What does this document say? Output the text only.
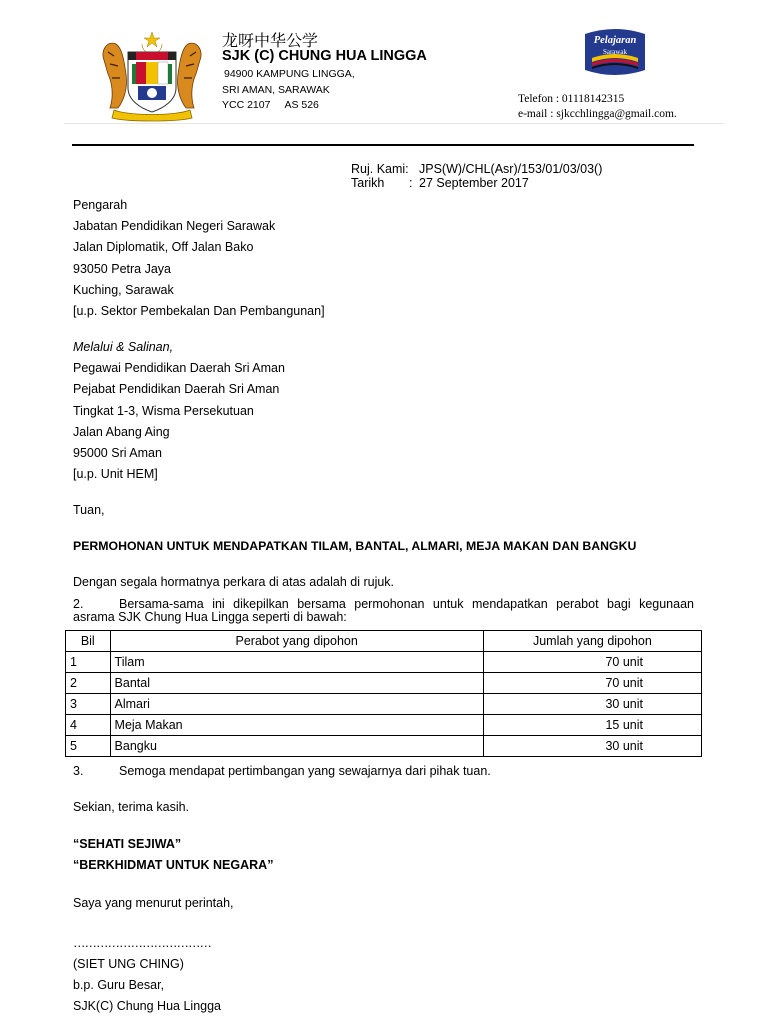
龙呀中华公学
SJK (C) CHUNG HUA LINGGA
94900 KAMPUNG LINGGA,
SRI AMAN, SARAWAK
YCC 2107     AS 526
Pelajaran
Sarawak
Telefon : 01118142315
e-mail : sjkcchlingga@gmail.com.
Ruj. Kami: JPS(W)/CHL(Asr)/153/01/03/03()
Tarikh : 27 September 2017
Pengarah
Jabatan Pendidikan Negeri Sarawak
Jalan Diplomatik, Off Jalan Bako
93050 Petra Jaya
Kuching, Sarawak
[u.p. Sektor Pembekalan Dan Pembangunan]
Melalui & Salinan,
Pegawai Pendidikan Daerah Sri Aman
Pejabat Pendidikan Daerah Sri Aman
Tingkat 1-3, Wisma Persekutuan
Jalan Abang Aing
95000 Sri Aman
[u.p. Unit HEM]
Tuan,
PERMOHONAN UNTUK MENDAPATKAN TILAM, BANTAL, ALMARI, MEJA MAKAN DAN BANGKU
Dengan segala hormatnya perkara di atas adalah di rujuk.
2.	Bersama-sama ini dikepilkan bersama permohonan untuk mendapatkan perabot bagi kegunaan
asrama SJK Chung Hua Lingga seperti di bawah:
Bil	Perabot yang dipohon	Jumlah yang dipohon
1	Tilam	70 unit
2	Bantal	70 unit
3	Almari	30 unit
4	Meja Makan	15 unit
5	Bangku	30 unit
3.	Semoga mendapat pertimbangan yang sewajarnya dari pihak tuan.
Sekian, terima kasih.
“SEHATI SEJIWA”
“BERKHIDMAT UNTUK NEGARA”
Saya yang menurut perintah,
………………………………
(SIET UNG CHING)
b.p. Guru Besar,
SJK(C) Chung Hua Lingga
